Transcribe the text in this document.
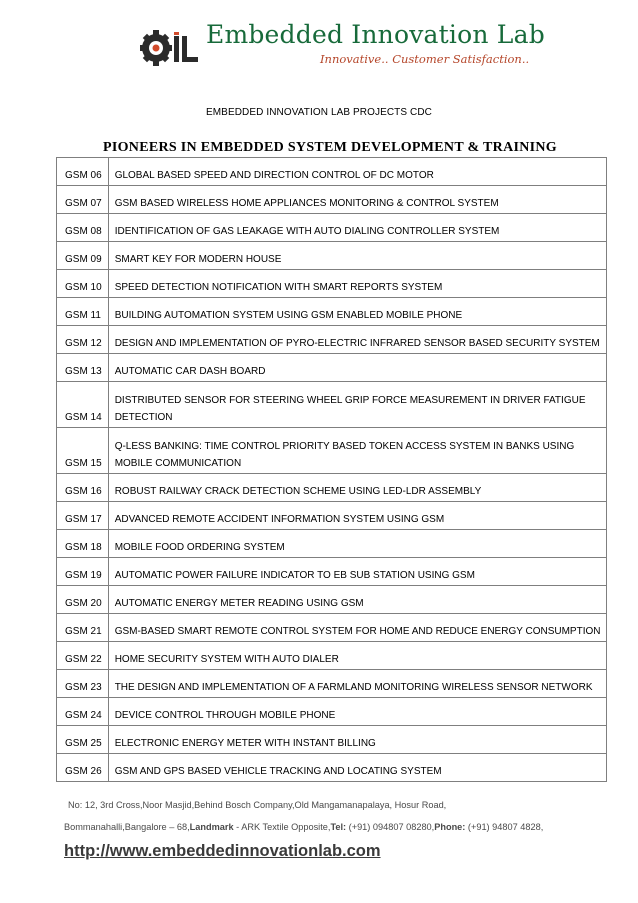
Embedded Innovation Lab
Innovative.. Customer Satisfaction..
EMBEDDED INNOVATION LAB PROJECTS CDC
PIONEERS IN EMBEDDED SYSTEM DEVELOPMENT & TRAINING
GSM 06	GLOBAL BASED SPEED AND DIRECTION CONTROL OF DC MOTOR
GSM 07	GSM BASED WIRELESS HOME APPLIANCES MONITORING & CONTROL SYSTEM
GSM 08	IDENTIFICATION OF GAS LEAKAGE WITH AUTO DIALING CONTROLLER SYSTEM
GSM 09	SMART KEY FOR MODERN HOUSE
GSM 10	SPEED DETECTION NOTIFICATION WITH SMART REPORTS SYSTEM
GSM 11	BUILDING AUTOMATION SYSTEM USING GSM ENABLED MOBILE PHONE
GSM 12	DESIGN AND IMPLEMENTATION OF PYRO-ELECTRIC INFRARED SENSOR BASED SECURITY SYSTEM
GSM 13	AUTOMATIC CAR DASH BOARD
GSM 14	DISTRIBUTED SENSOR FOR STEERING WHEEL GRIP FORCE MEASUREMENT IN DRIVER FATIGUE DETECTION
GSM 15	Q-LESS BANKING: TIME CONTROL PRIORITY BASED TOKEN ACCESS SYSTEM IN BANKS USING MOBILE COMMUNICATION
GSM 16	ROBUST RAILWAY CRACK DETECTION SCHEME USING LED-LDR ASSEMBLY
GSM 17	ADVANCED REMOTE ACCIDENT INFORMATION SYSTEM USING GSM
GSM 18	MOBILE FOOD ORDERING SYSTEM
GSM 19	AUTOMATIC POWER FAILURE INDICATOR TO EB SUB STATION USING GSM
GSM 20	AUTOMATIC ENERGY METER READING USING GSM
GSM 21	GSM-BASED SMART REMOTE CONTROL SYSTEM FOR HOME AND REDUCE ENERGY CONSUMPTION
GSM 22	HOME SECURITY SYSTEM WITH AUTO DIALER
GSM 23	THE DESIGN AND IMPLEMENTATION OF A FARMLAND MONITORING WIRELESS SENSOR NETWORK
GSM 24	DEVICE CONTROL THROUGH MOBILE PHONE
GSM 25	ELECTRONIC ENERGY METER WITH INSTANT BILLING
GSM 26	GSM AND GPS BASED VEHICLE TRACKING AND LOCATING SYSTEM
No: 12, 3rd Cross,Noor Masjid,Behind Bosch Company,Old Mangamanapalaya, Hosur Road,
Bommanahalli,Bangalore – 68,Landmark - ARK Textile Opposite,Tel: (+91) 094807 08280,Phone: (+91) 94807 4828,
http://www.embeddedinnovationlab.com
